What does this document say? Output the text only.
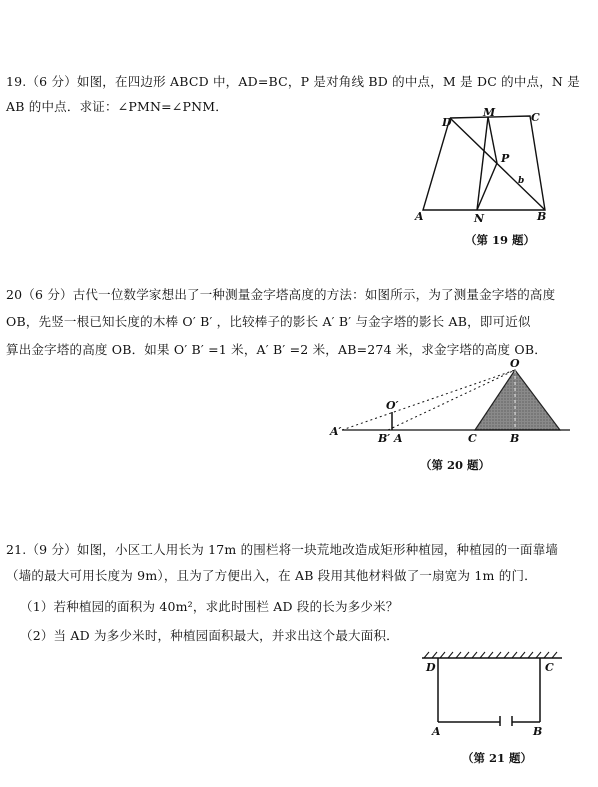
19.（6 分）如图，在四边形 ABCD 中，AD=BC，P 是对角线 BD 的中点，M 是 DC 的中点，N 是
AB 的中点．求证：∠PMN=∠PNM．
D
M	C
P
b
A	N	B
（第 19 题）
20（6 分）古代一位数学家想出了一种测量金字塔高度的方法：如图所示，为了测量金字塔的高度
OB，先竖一根已知长度的木棒 O′ B′ ，比较棒子的影长 A′ B′ 与金字塔的影长 AB，即可近似
算出金字塔的高度 OB．如果 O′ B′ =1 米，A′ B′ =2 米，AB=274 米，求金字塔的高度 OB．
O
O′
A′
B′ A	C	B
（第 20 题）
21.（9 分）如图，小区工人用长为 17m 的围栏将一块荒地改造成矩形种植园，种植园的一面靠墙
（墙的最大可用长度为 9m），且为了方便出入，在 AB 段用其他材料做了一扇宽为 1m 的门．
（1）若种植园的面积为 40m²，求此时围栏 AD 段的长为多少米？
（2）当 AD 为多少米时，种植园面积最大，并求出这个最大面积．
D	C
A	B
（第 21 题）
